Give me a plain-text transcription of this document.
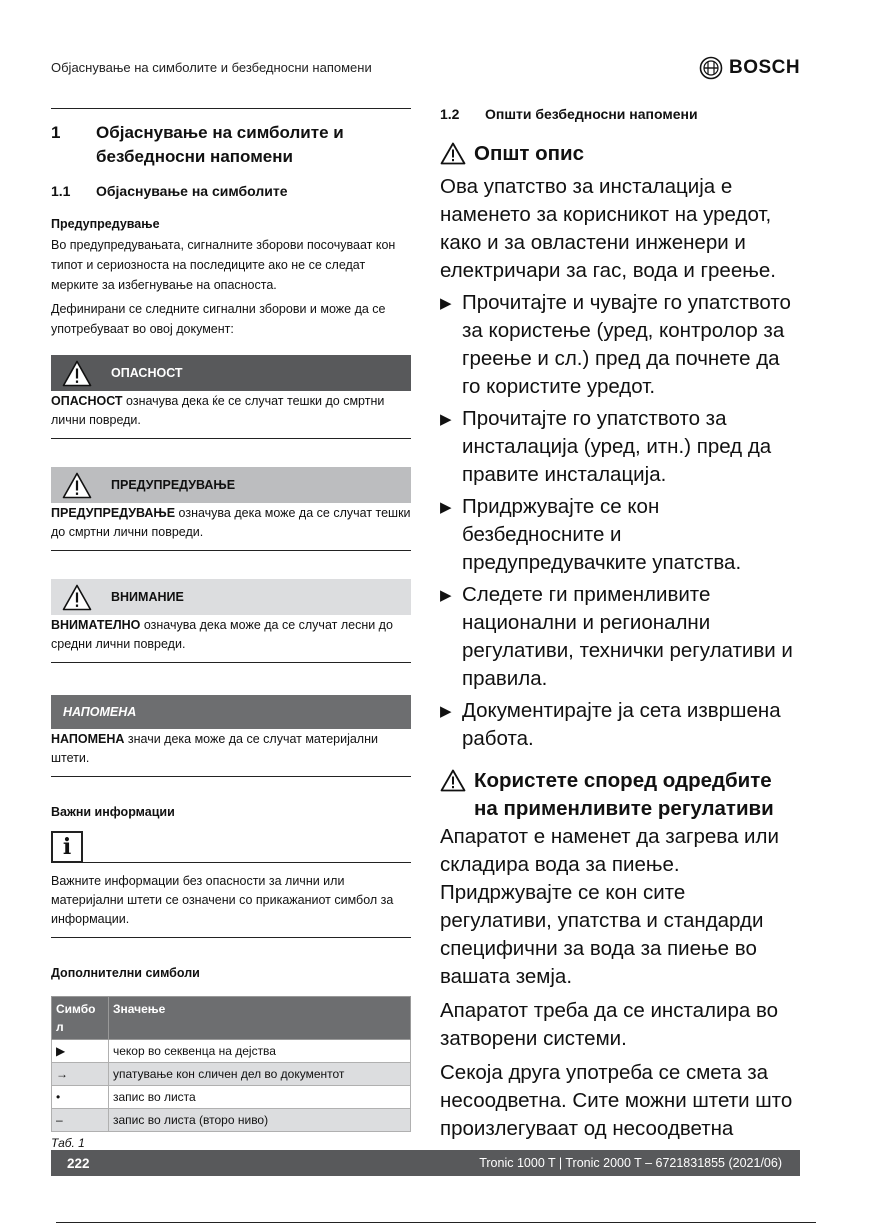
Објаснување на симболите и безбедносни напомени	BOSCH
1	Објаснување на симболите и безбедносни напомени
1.1	Објаснување на симболите
Предупредување
Во предупредувањата, сигналните зборови посочуваат кон типот и сериозноста на последиците ако не се следат мерките за избегнување на опасноста.
Дефинирани се следните сигнални зборови и може да се употребуваат во овој документ:
ОПАСНОСТ
ОПАСНОСТ означува дека ќе се случат тешки до смртни лични повреди.
ПРЕДУПРЕДУВАЊЕ
ПРЕДУПРЕДУВАЊЕ означува дека може да се случат тешки до смртни лични повреди.
ВНИМАНИЕ
ВНИМАТЕЛНО означува дека може да се случат лесни до средни лични повреди.
НАПОМЕНА
НАПОМЕНА значи дека може да се случат материјални штети.
Важни информации
i
Важните информации без опасности за лични или материјални штети се означени со прикажаниот симбол за информации.
Дополнителни симболи
Симбо л	Значење
▶	чекор во секвенца на дејства
→	упатување кон сличен дел во документот
•	запис во листа
–	запис во листа (второ ниво)
Таб. 1
1.2	Општи безбедносни напомени
Општ опис
Ова упатство за инсталација е наменето за корисникот на уредот, како и за овластени инженери и електричари за гас, вода и греење.
▶ Прочитајте и чувајте го упатството за користење (уред, контролор за греење и сл.) пред да почнете да го користите уредот.
▶ Прочитајте го упатството за инсталација (уред, итн.) пред да правите инсталација.
▶ Придржувајте се кон безбедносните и предупредувачките упатства.
▶ Следете ги применливите национални и регионални регулативи, технички регулативи и правила.
▶ Документирајте ја сета извршена работа.
Користете според одредбите на применливите регулативи
Апаратот е наменет да загрева или складира вода за пиење. Придржувајте се кон сите регулативи, упатства и стандарди специфични за вода за пиење во вашата земја.
Апаратот треба да се инсталира во затворени системи.
Секоја друга употреба се смета за несоодветна. Сите можни штети што произлегуваат од несоодветна
222	Tronic 1000 T | Tronic 2000 T – 6721831855 (2021/06)
